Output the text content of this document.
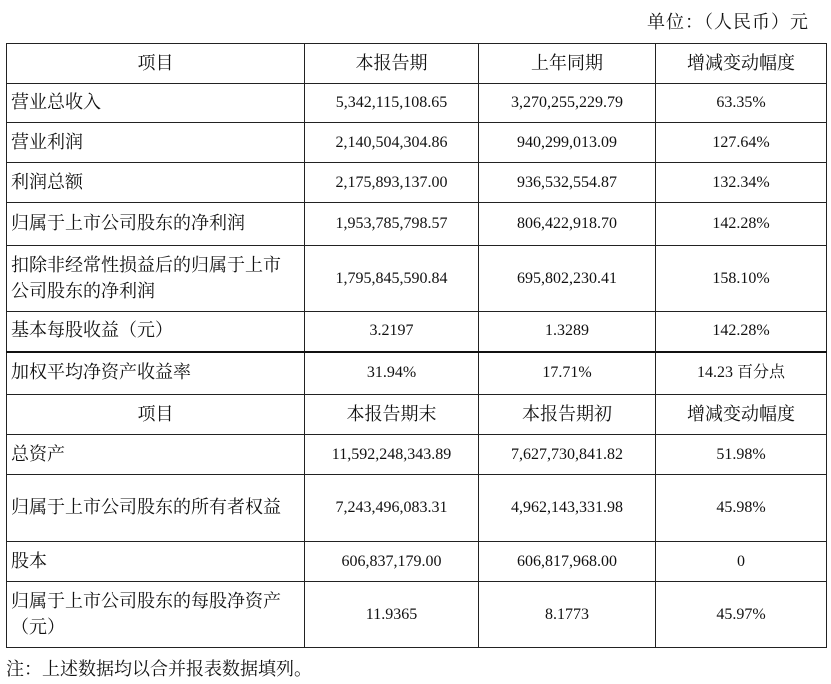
单位：（人民币）元
项目	本报告期	上年同期	增减变动幅度
营业总收入	5,342,115,108.65	3,270,255,229.79	63.35%
营业利润	2,140,504,304.86	940,299,013.09	127.64%
利润总额	2,175,893,137.00	936,532,554.87	132.34%
归属于上市公司股东的净利润	1,953,785,798.57	806,422,918.70	142.28%
扣除非经常性损益后的归属于上市公司股东的净利润	1,795,845,590.84	695,802,230.41	158.10%
基本每股收益（元）	3.2197	1.3289	142.28%
加权平均净资产收益率	31.94%	17.71%	14.23 百分点
项目	本报告期末	本报告期初	增减变动幅度
总资产	11,592,248,343.89	7,627,730,841.82	51.98%
归属于上市公司股东的所有者权益	7,243,496,083.31	4,962,143,331.98	45.98%
股本	606,837,179.00	606,817,968.00	0
归属于上市公司股东的每股净资产（元）	11.9365	8.1773	45.97%
注：上述数据均以合并报表数据填列。
